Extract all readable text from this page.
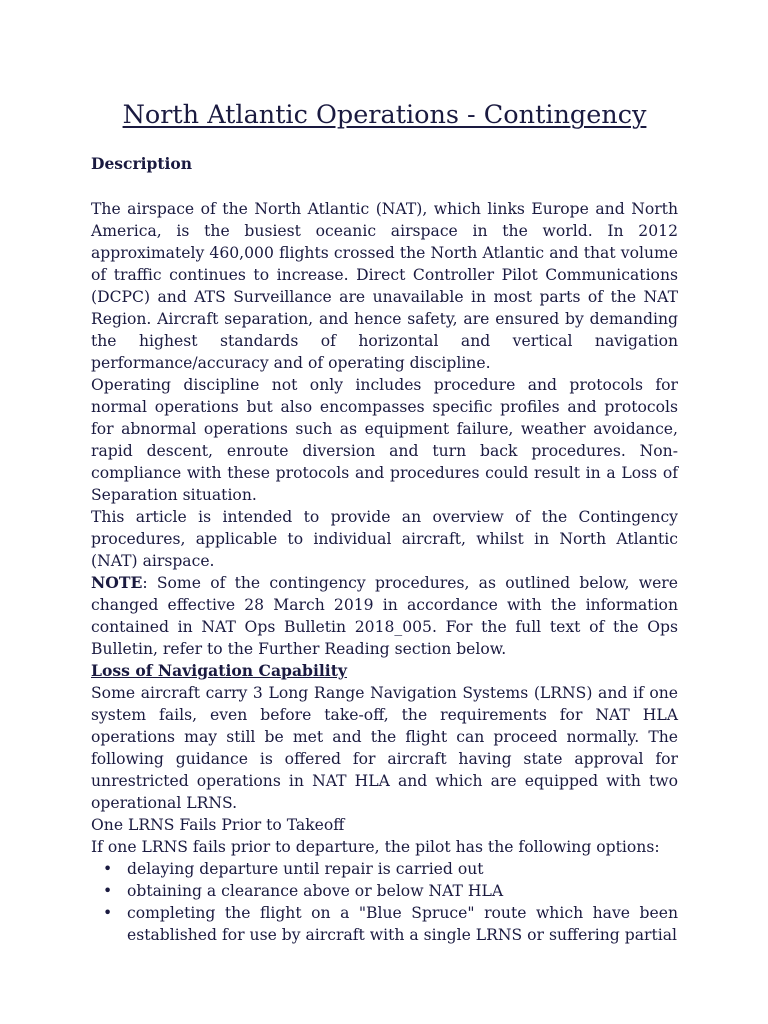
North Atlantic Operations - Contingency
Description

The airspace of the North Atlantic (NAT), which links Europe and North America, is the busiest oceanic airspace in the world. In 2012 approximately 460,000 flights crossed the North Atlantic and that volume of traffic continues to increase. Direct Controller Pilot Communications (DCPC) and ATS Surveillance are unavailable in most parts of the NAT Region. Aircraft separation, and hence safety, are ensured by demanding the highest standards of horizontal and vertical navigation performance/accuracy and of operating discipline.

Operating discipline not only includes procedure and protocols for normal operations but also encompasses specific profiles and protocols for abnormal operations such as equipment failure, weather avoidance, rapid descent, enroute diversion and turn back procedures. Non-compliance with these protocols and procedures could result in a Loss of Separation situation.

This article is intended to provide an overview of the Contingency procedures, applicable to individual aircraft, whilst in North Atlantic (NAT) airspace.

NOTE: Some of the contingency procedures, as outlined below, were changed effective 28 March 2019 in accordance with the information contained in NAT Ops Bulletin 2018_005. For the full text of the Ops Bulletin, refer to the Further Reading section below.

Loss of Navigation Capability

Some aircraft carry 3 Long Range Navigation Systems (LRNS) and if one system fails, even before take-off, the requirements for NAT HLA operations may still be met and the flight can proceed normally. The following guidance is offered for aircraft having state approval for unrestricted operations in NAT HLA and which are equipped with two operational LRNS.

One LRNS Fails Prior to Takeoff

If one LRNS fails prior to departure, the pilot has the following options:

• delaying departure until repair is carried out
• obtaining a clearance above or below NAT HLA
• completing the flight on a "Blue Spruce" route which have been established for use by aircraft with a single LRNS or suffering partial
